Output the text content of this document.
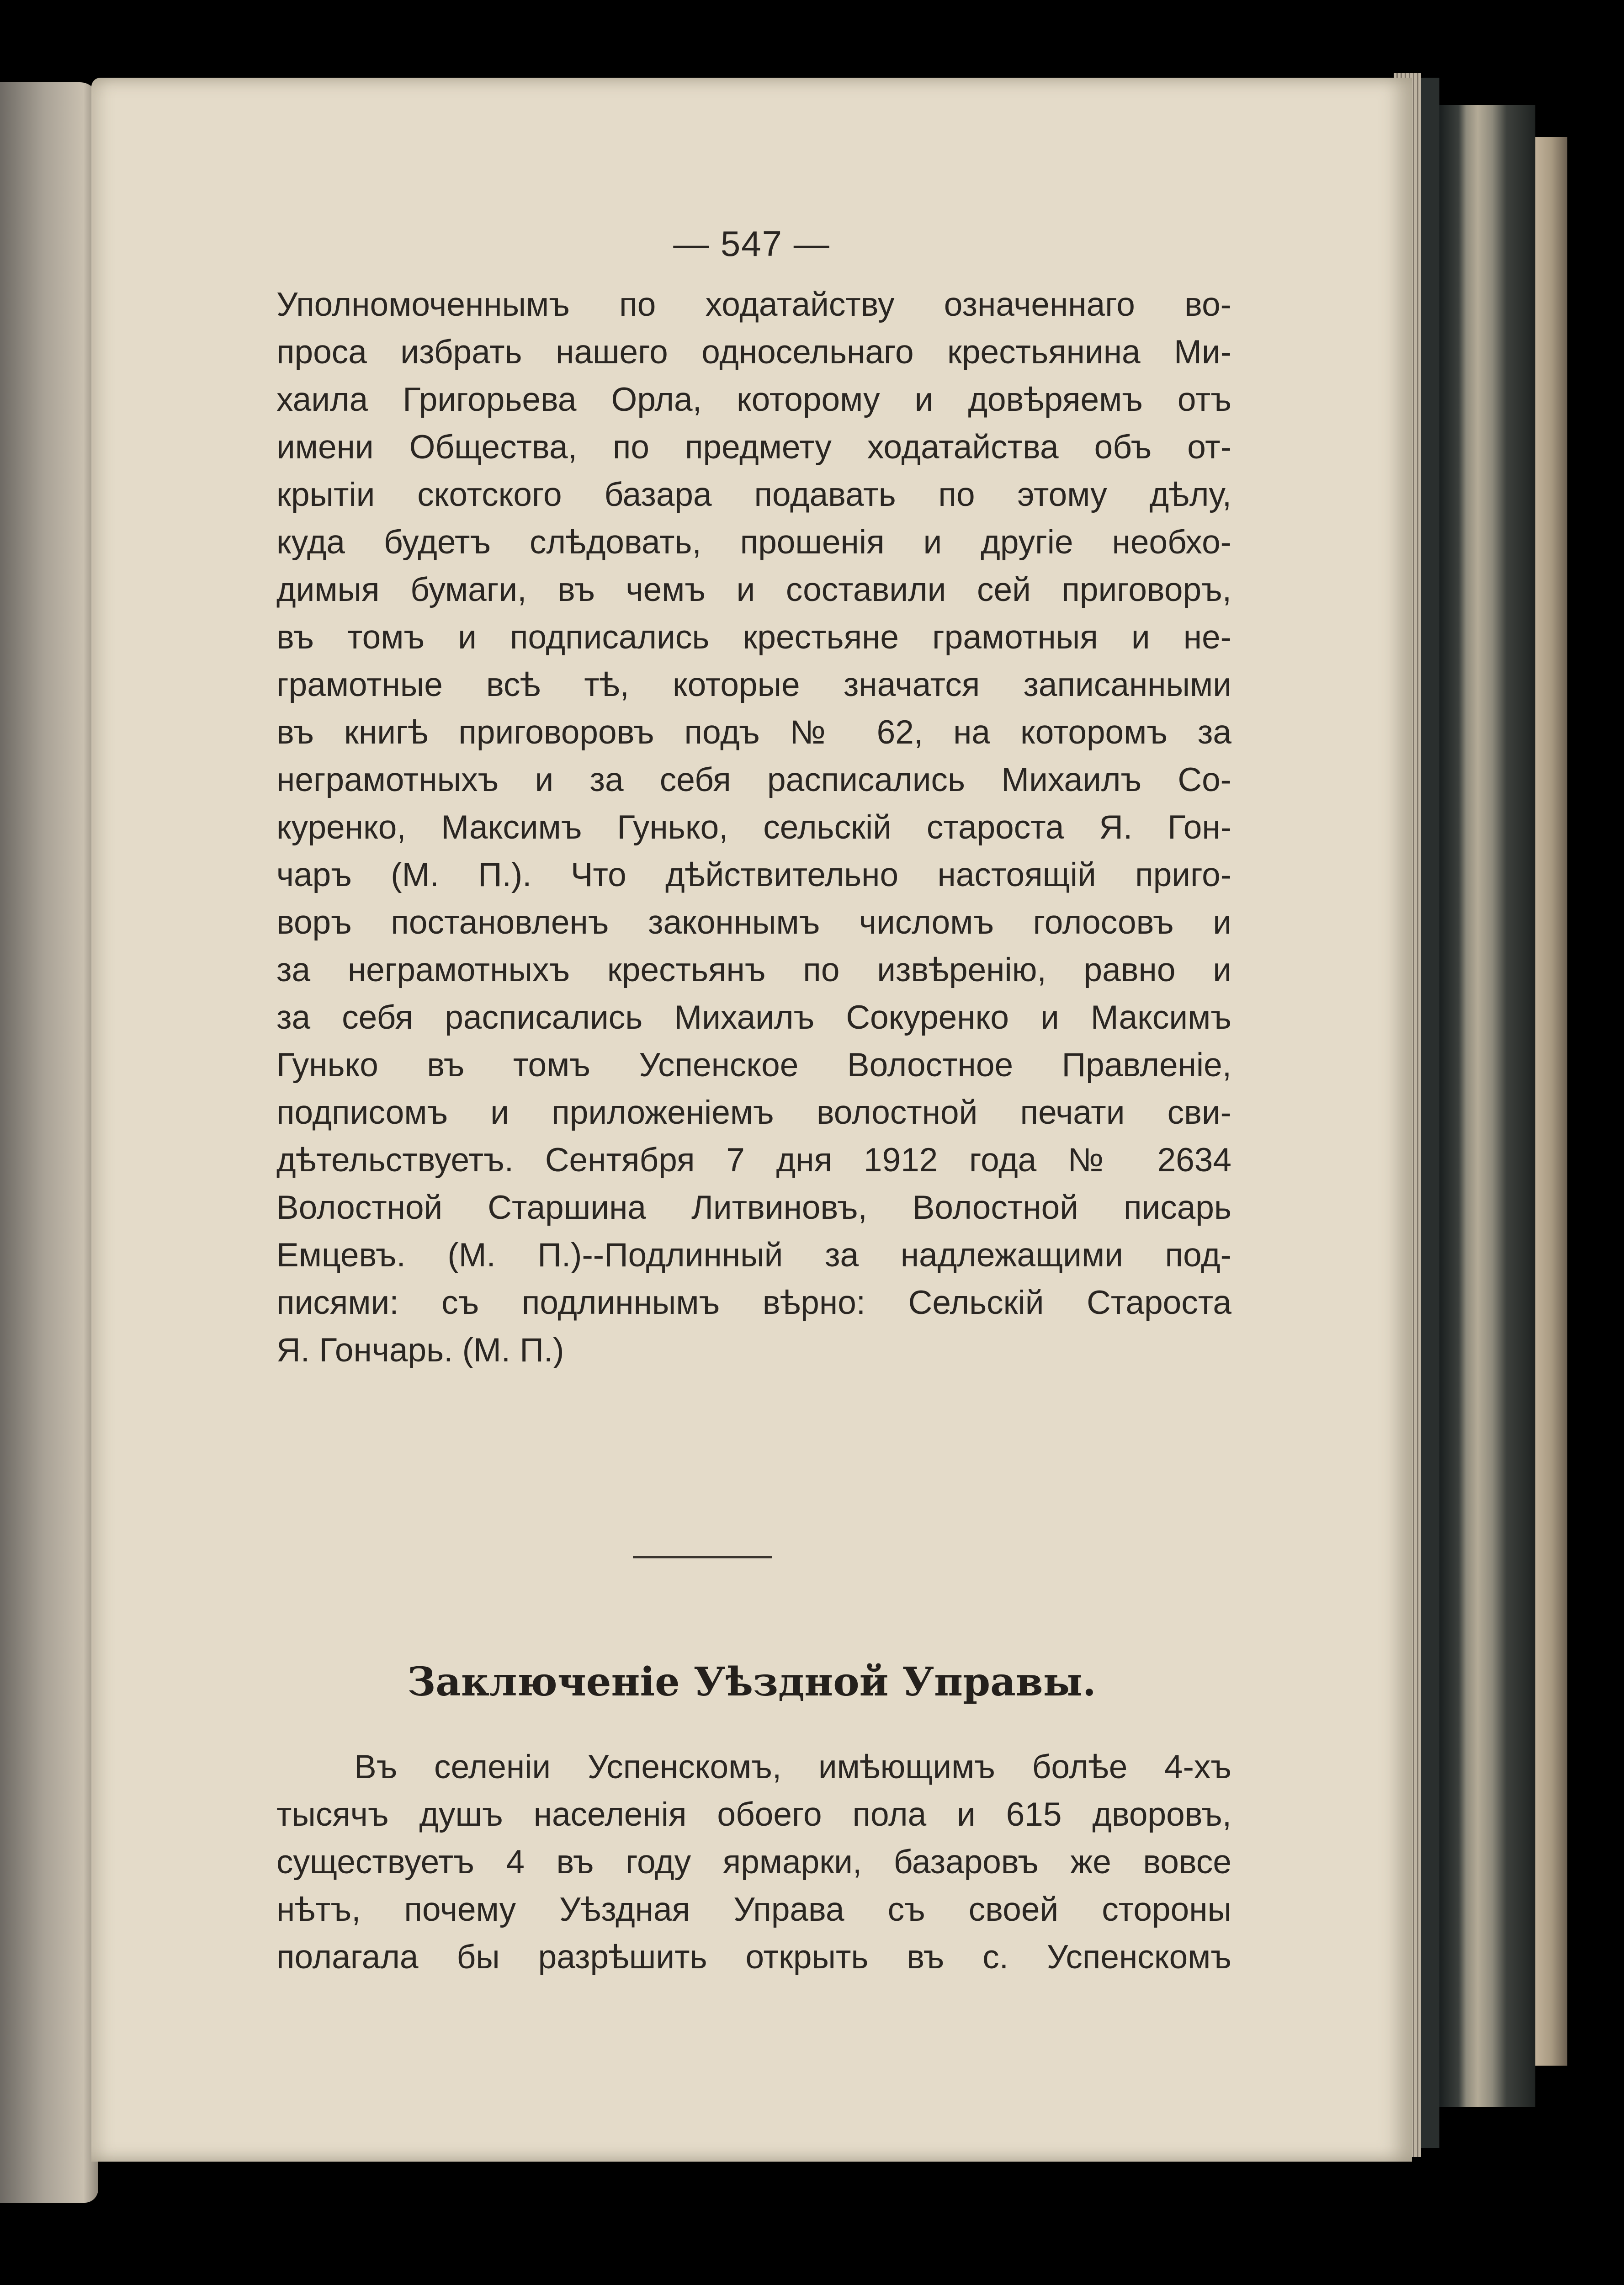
— 547 —
Уполномоченнымъ по ходатайству означеннаго во-
проса избрать нашего односельнаго крестьянина Ми-
хаила Григорьева Орла, которому и довѣряемъ отъ
имени Общества, по предмету ходатайства объ от-
крытіи скотского базара подавать по этому дѣлу,
куда будетъ слѣдовать, прошенія и другіе необхо-
димыя бумаги, въ чемъ и составили сей приговоръ,
въ томъ и подписались крестьяне грамотныя и не-
грамотные всѣ тѣ, которые значатся записанными
въ книгѣ приговоровъ подъ № 62, на которомъ за
неграмотныхъ и за себя расписались Михаилъ Со-
куренко, Максимъ Гунько, сельскій староста Я. Гон-
чаръ (М. П.). Что дѣйствительно настоящій приго-
воръ постановленъ законнымъ числомъ голосовъ и
за неграмотныхъ крестьянъ по извѣренію, равно и
за себя расписались Михаилъ Сокуренко и Максимъ
Гунько въ томъ Успенское Волостное Правленіе,
подписомъ и приложеніемъ волостной печати сви-
дѣтельствуетъ. Сентября 7 дня 1912 года № 2634
Волостной Старшина Литвиновъ, Волостной писарь
Емцевъ. (М. П.)--Подлинный за надлежащими под-
писями: съ подлиннымъ вѣрно: Сельскій Староста
Я. Гончарь. (М. П.)
Заключеніе Уѣздной Управы.
Въ селеніи Успенскомъ, имѣющимъ болѣе 4-хъ
тысячъ душъ населенія обоего пола и 615 дворовъ,
существуетъ 4 въ году ярмарки, базаровъ же вовсе
нѣтъ, почему Уѣздная Управа съ своей стороны
полагала бы разрѣшить открыть въ с. Успенскомъ
